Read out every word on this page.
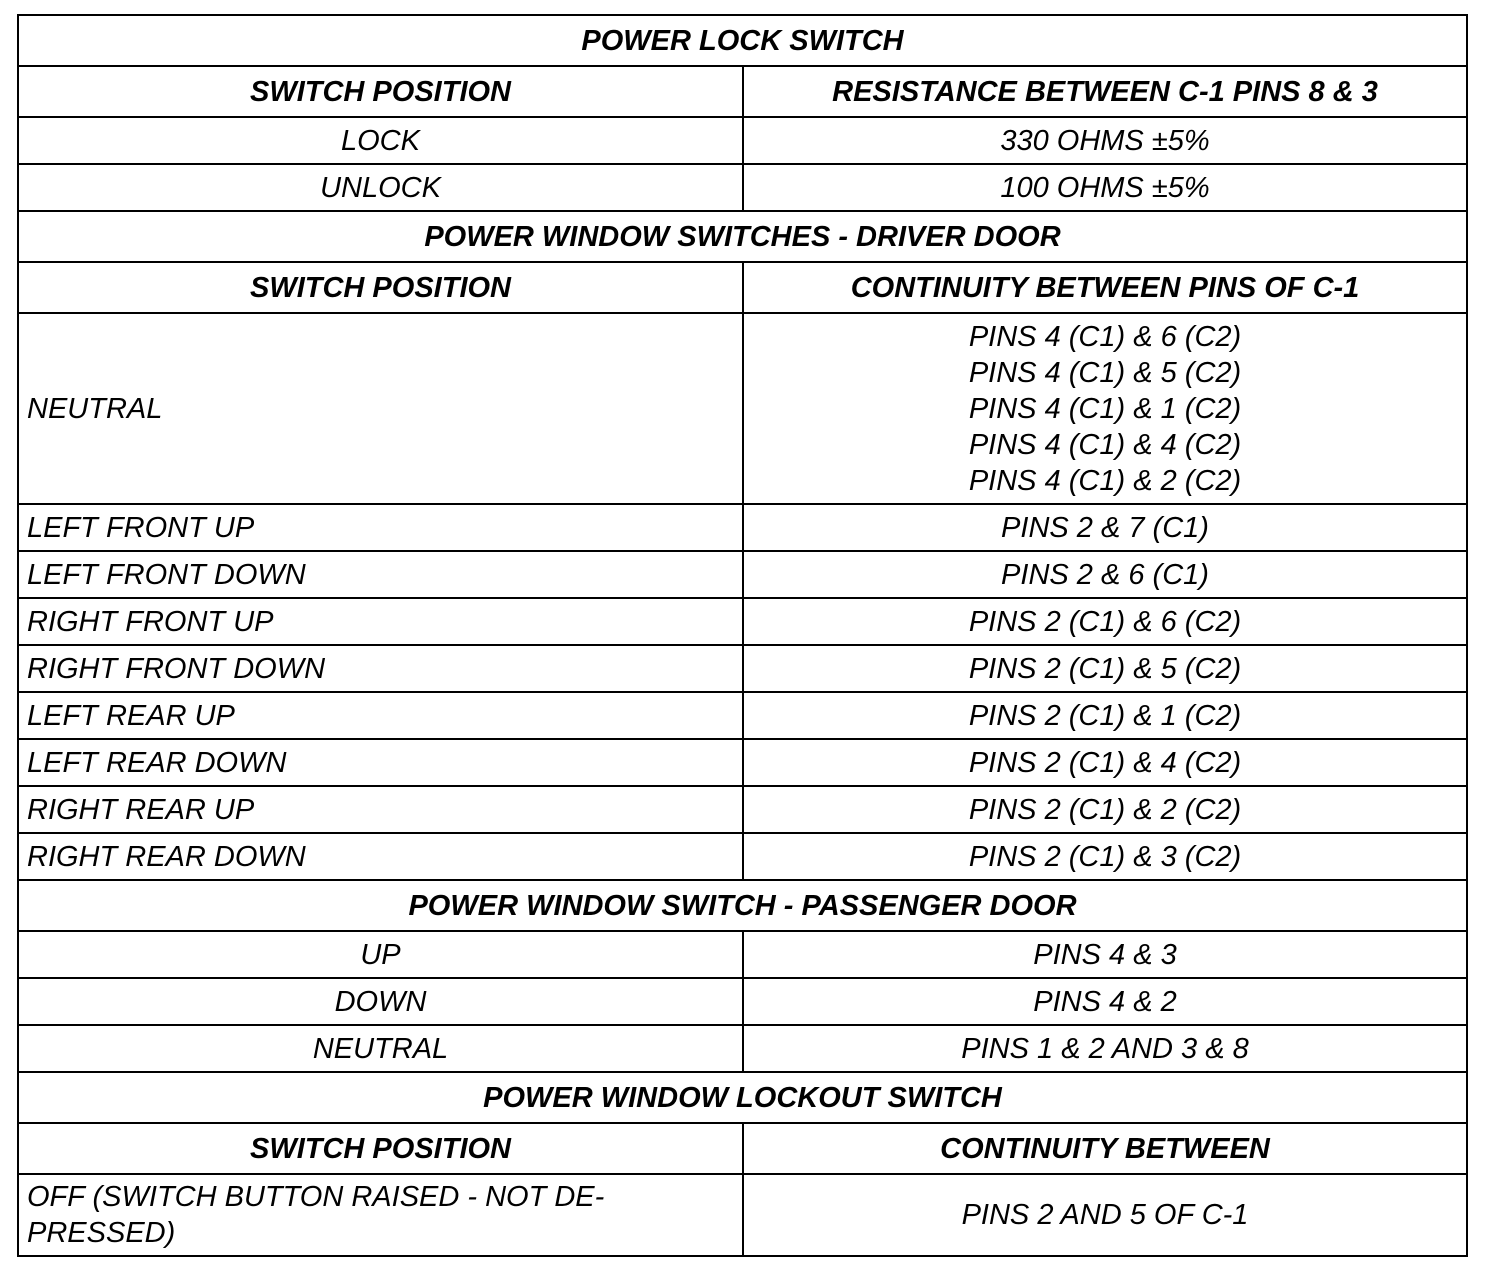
POWER LOCK SWITCH	
SWITCH POSITION	RESISTANCE BETWEEN C-1 PINS 8 & 3
LOCK	330 OHMS ±5%
UNLOCK	100 OHMS ±5%
POWER WINDOW SWITCHES - DRIVER DOOR	
SWITCH POSITION	CONTINUITY BETWEEN PINS OF C-1
NEUTRAL	PINS 4 (C1) & 6 (C2)
PINS 4 (C1) & 5 (C2)
PINS 4 (C1) & 1 (C2)
PINS 4 (C1) & 4 (C2)
PINS 4 (C1) & 2 (C2)

LEFT FRONT UP	PINS 2 & 7 (C1)
LEFT FRONT DOWN	PINS 2 & 6 (C1)
RIGHT FRONT UP	PINS 2 (C1) & 6 (C2)
RIGHT FRONT DOWN	PINS 2 (C1) & 5 (C2)
LEFT REAR UP	PINS 2 (C1) & 1 (C2)
LEFT REAR DOWN	PINS 2 (C1) & 4 (C2)
RIGHT REAR UP	PINS 2 (C1) & 2 (C2)
RIGHT REAR DOWN	PINS 2 (C1) & 3 (C2)
POWER WINDOW SWITCH - PASSENGER DOOR	
UP	PINS 4 & 3
DOWN	PINS 4 & 2
NEUTRAL	PINS 1 & 2 AND 3 & 8
POWER WINDOW LOCKOUT SWITCH	
SWITCH POSITION	CONTINUITY BETWEEN
OFF (SWITCH BUTTON RAISED - NOT DE-PRESSED)	PINS 2 AND 5 OF C-1
